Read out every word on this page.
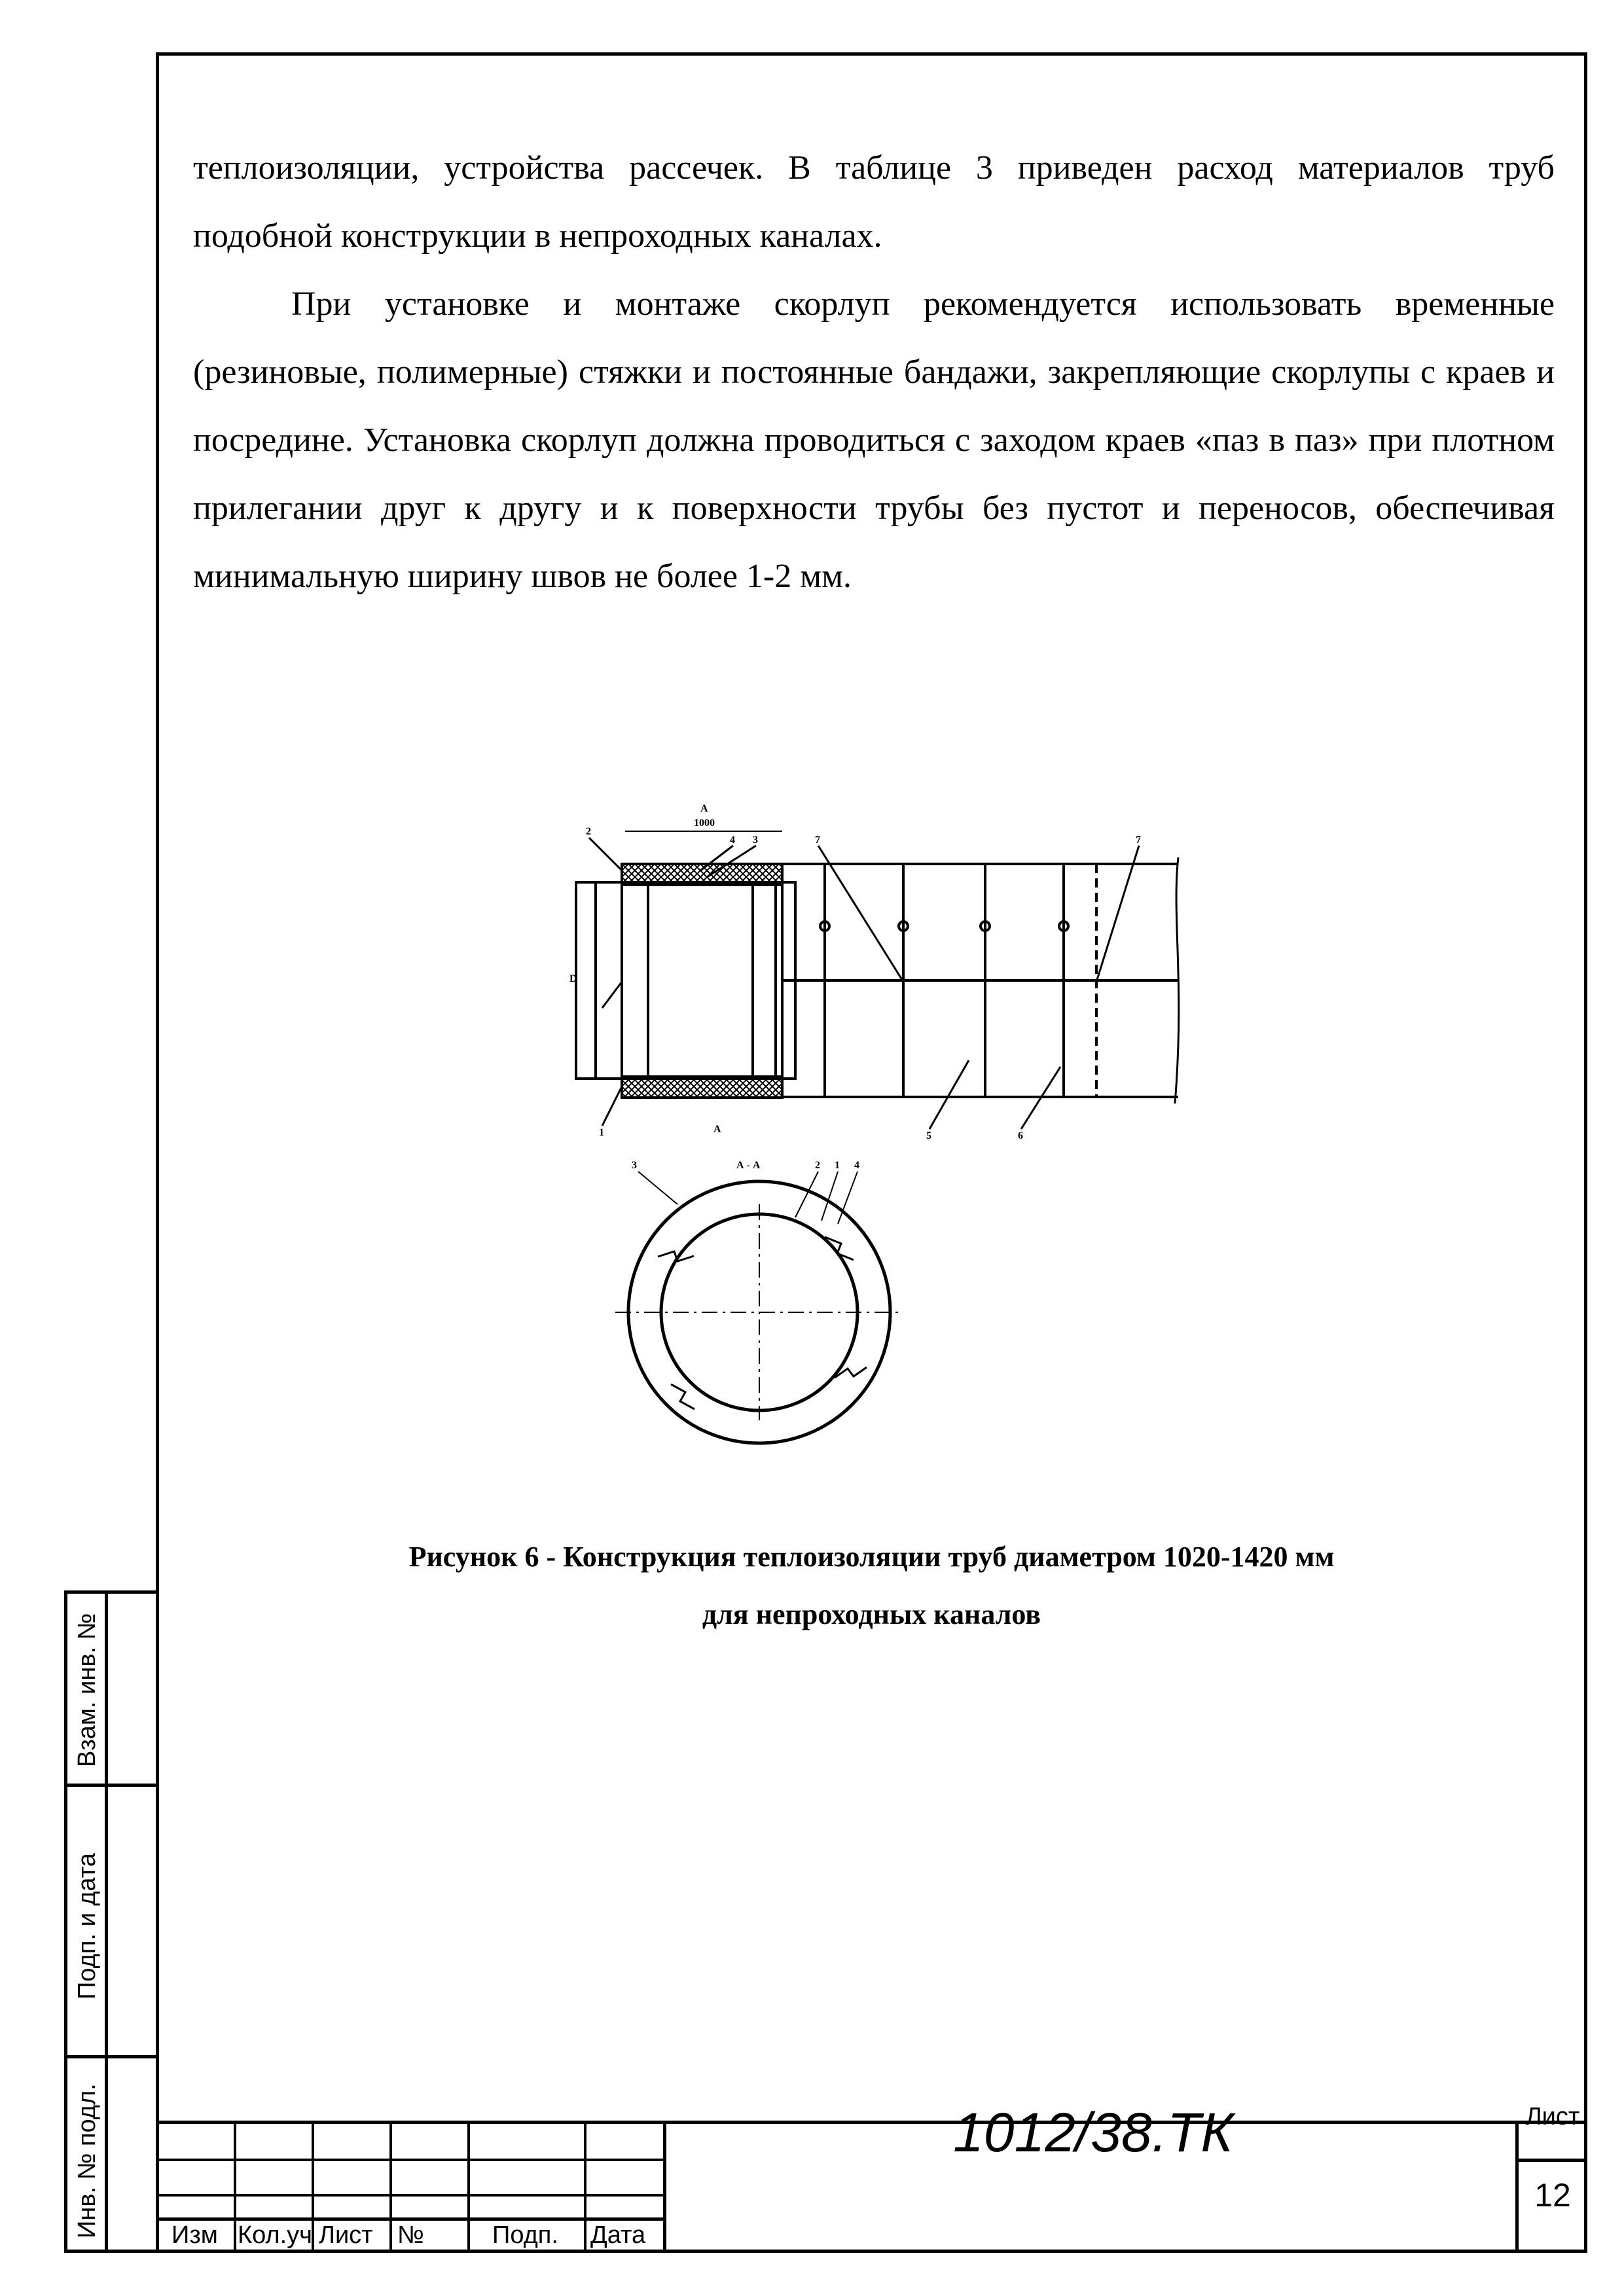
теплоизоляции, устройства рассечек. В таблице 3 приведен расход материалов труб подобной конструкции в непроходных каналах.

При установке и монтаже скорлуп рекомендуется использовать временные (резиновые, полимерные) стяжки и постоянные бандажи, закрепляющие скорлупы с краев и посредине. Установка скорлуп должна проводиться с заходом краев «паз в паз» при плотном прилегании друг к другу и к поверхности трубы без пустот и переносов, обеспечивая минимальную ширину швов не более 1-2 мм.

А
1000
2
4 3	7	7
D
1	А
5	6
3	А - А	2 1 4
Рисунок 6 - Конструкция теплоизоляции труб диаметром 1020-1420 мм
для непроходных каналов
Взам. инв. №
Подп. и дата
Инв. № подл.	Изм Кол.уч Лист №	Подп. Дата
1012/38.ТК	Лист
12
